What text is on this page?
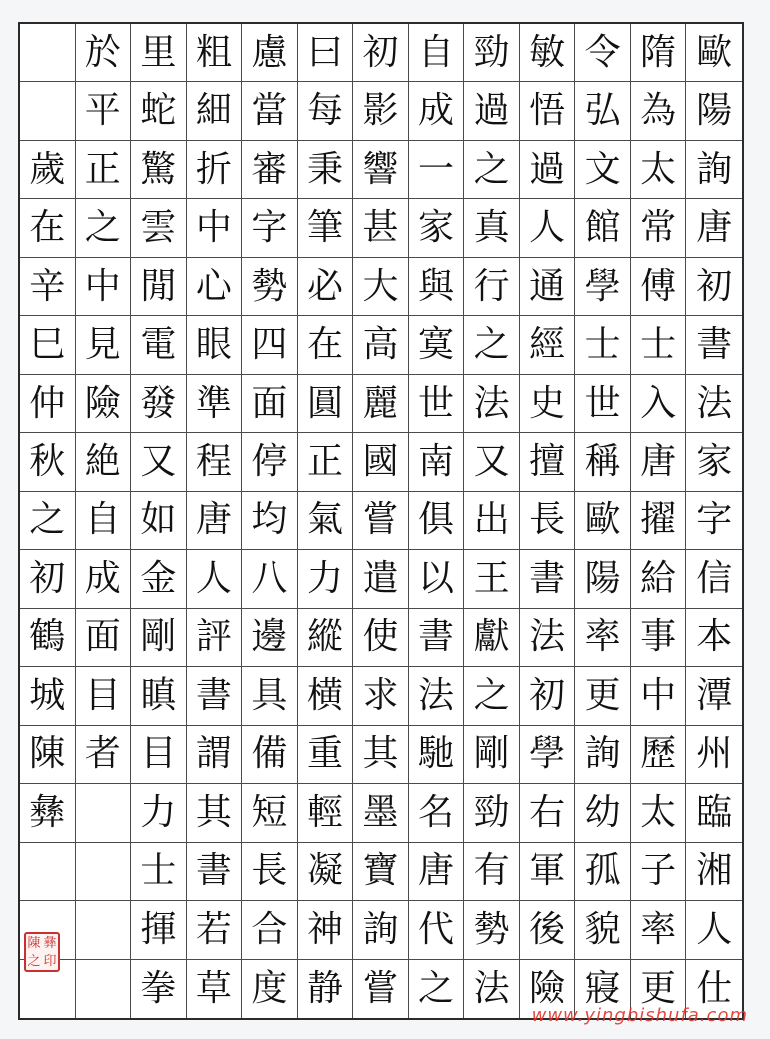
於 里 粗 慮 曰 初 自 勁 敏 令 隋 歐
平 蛇 細 當 每 影 成 過 悟 弘 為 陽
歲 正 驚 折 審 秉 響 一 之 過 文 太 詢
在 之 雲 中 字 筆 甚 家 真 人 館 常 唐
辛 中 閒 心 勢 必 大 與 行 通 學 傅 初
巳 見 電 眼 四 在 高 寞 之 經 士 士 書
仲 險 發 準 面 圓 麗 世 法 史 世 入 法
秋 絶 又 程 停 正 國 南 又 擅 稱 唐 家
之 自 如 唐 均 氣 嘗 俱 出 長 歐 擢 字
初 成 金 人 八 力 遣 以 王 書 陽 給 信
鶴 面 剛 評 邊 縱 使 書 獻 法 率 事 本
城 目 瞋 書 具 横 求 法 之 初 更 中 潭
陳 者 目 謂 備 重 其 馳 剛 學 詢 歷 州
彝 力 其 短 輕 墨 名 勁 右 幼 太 臨
士 書 長 凝 寶 唐 有 軍 孤 子 湘
揮 若 合 神 詢 代 勢 後 貌 率 人
拳 草 度 静 嘗 之 法 險 寢 更 仕
陳 彝
之 印
www.yingbishufa.com
